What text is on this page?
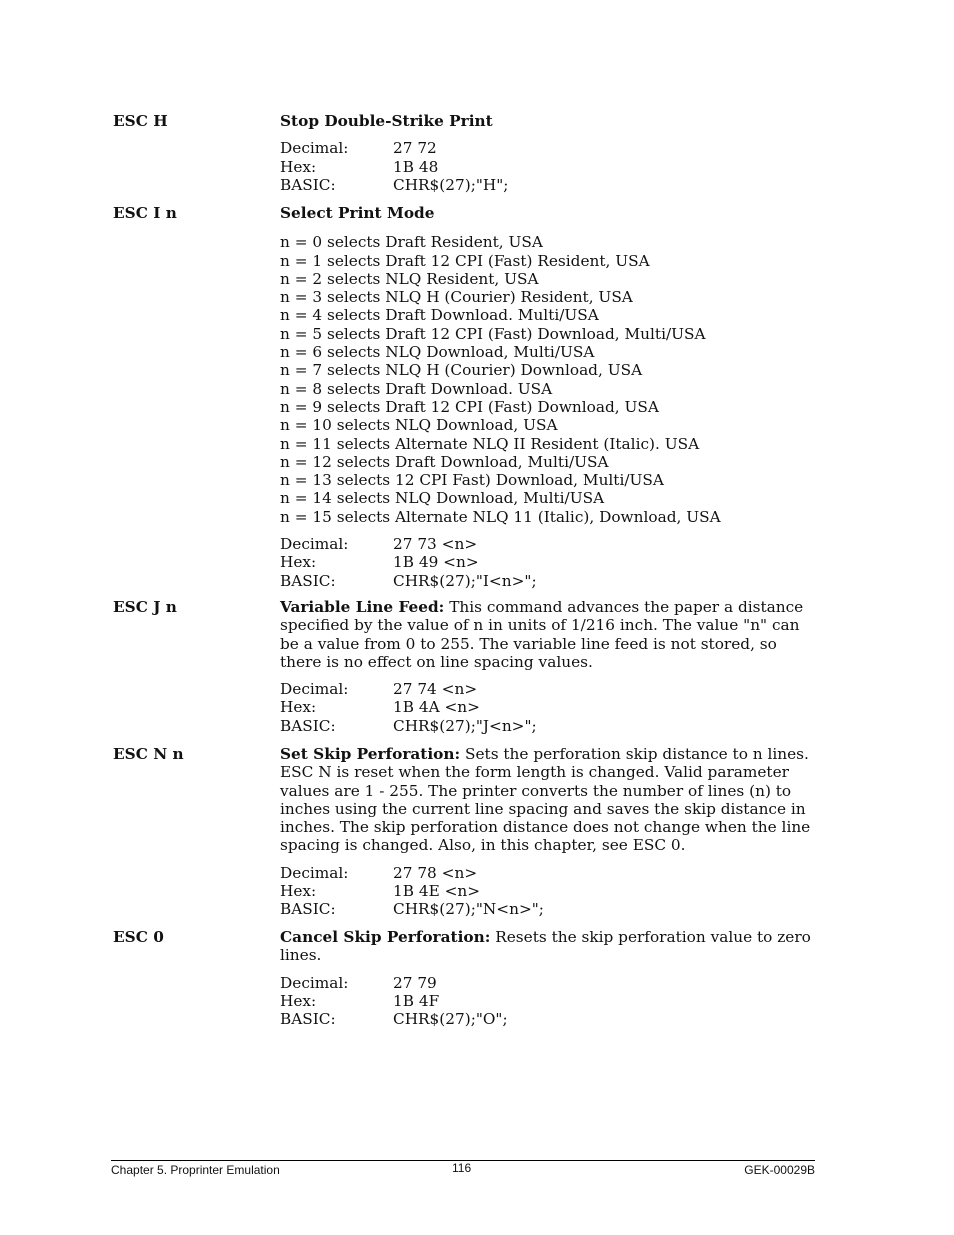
ESC H	Stop Double-Strike Print
Decimal:	27 72
Hex:	1B 48
BASIC:	CHR$(27);"H";
ESC I n	Select Print Mode
n = 0 selects Draft Resident, USA
n = 1 selects Draft 12 CPI (Fast) Resident, USA
n = 2 selects NLQ Resident, USA
n = 3 selects NLQ H (Courier) Resident, USA
n = 4 selects Draft Download. Multi/USA
n = 5 selects Draft 12 CPI (Fast) Download, Multi/USA
n = 6 selects NLQ Download, Multi/USA
n = 7 selects NLQ H (Courier) Download, USA
n = 8 selects Draft Download. USA
n = 9 selects Draft 12 CPI (Fast) Download, USA
n = 10 selects NLQ Download, USA
n = 11 selects Alternate NLQ II Resident (Italic). USA
n = 12 selects Draft Download, Multi/USA
n = 13 selects 12 CPI Fast) Download, Multi/USA
n = 14 selects NLQ Download, Multi/USA
n = 15 selects Alternate NLQ 11 (Italic), Download, USA
Decimal:	27 73 <n>
Hex:	1B 49 <n>
BASIC:	CHR$(27);"I<n>";
ESC J n	Variable Line Feed: This command advances the paper a distance specified by the value of n in units of 1/216 inch. The value "n" can be a value from 0 to 255. The variable line feed is not stored, so there is no effect on line spacing values.

Decimal:	27 74 <n>
Hex:	1B 4A <n>
BASIC:	CHR$(27);"J<n>";
ESC N n	Set Skip Perforation: Sets the perforation skip distance to n lines. ESC N is reset when the form length is changed. Valid parameter values are 1 - 255. The printer converts the number of lines (n) to inches using the current line spacing and saves the skip distance in inches. The skip perforation distance does not change when the line spacing is changed. Also, in this chapter, see ESC 0.

Decimal:	27 78 <n>
Hex:	1B 4E <n>
BASIC:	CHR$(27);"N<n>";
ESC 0	Cancel Skip Perforation: Resets the skip perforation value to zero lines.

Decimal:	27 79
Hex:	1B 4F
BASIC:	CHR$(27);"O";
Chapter 5. Proprinter Emulation	116	GEK-00029B
